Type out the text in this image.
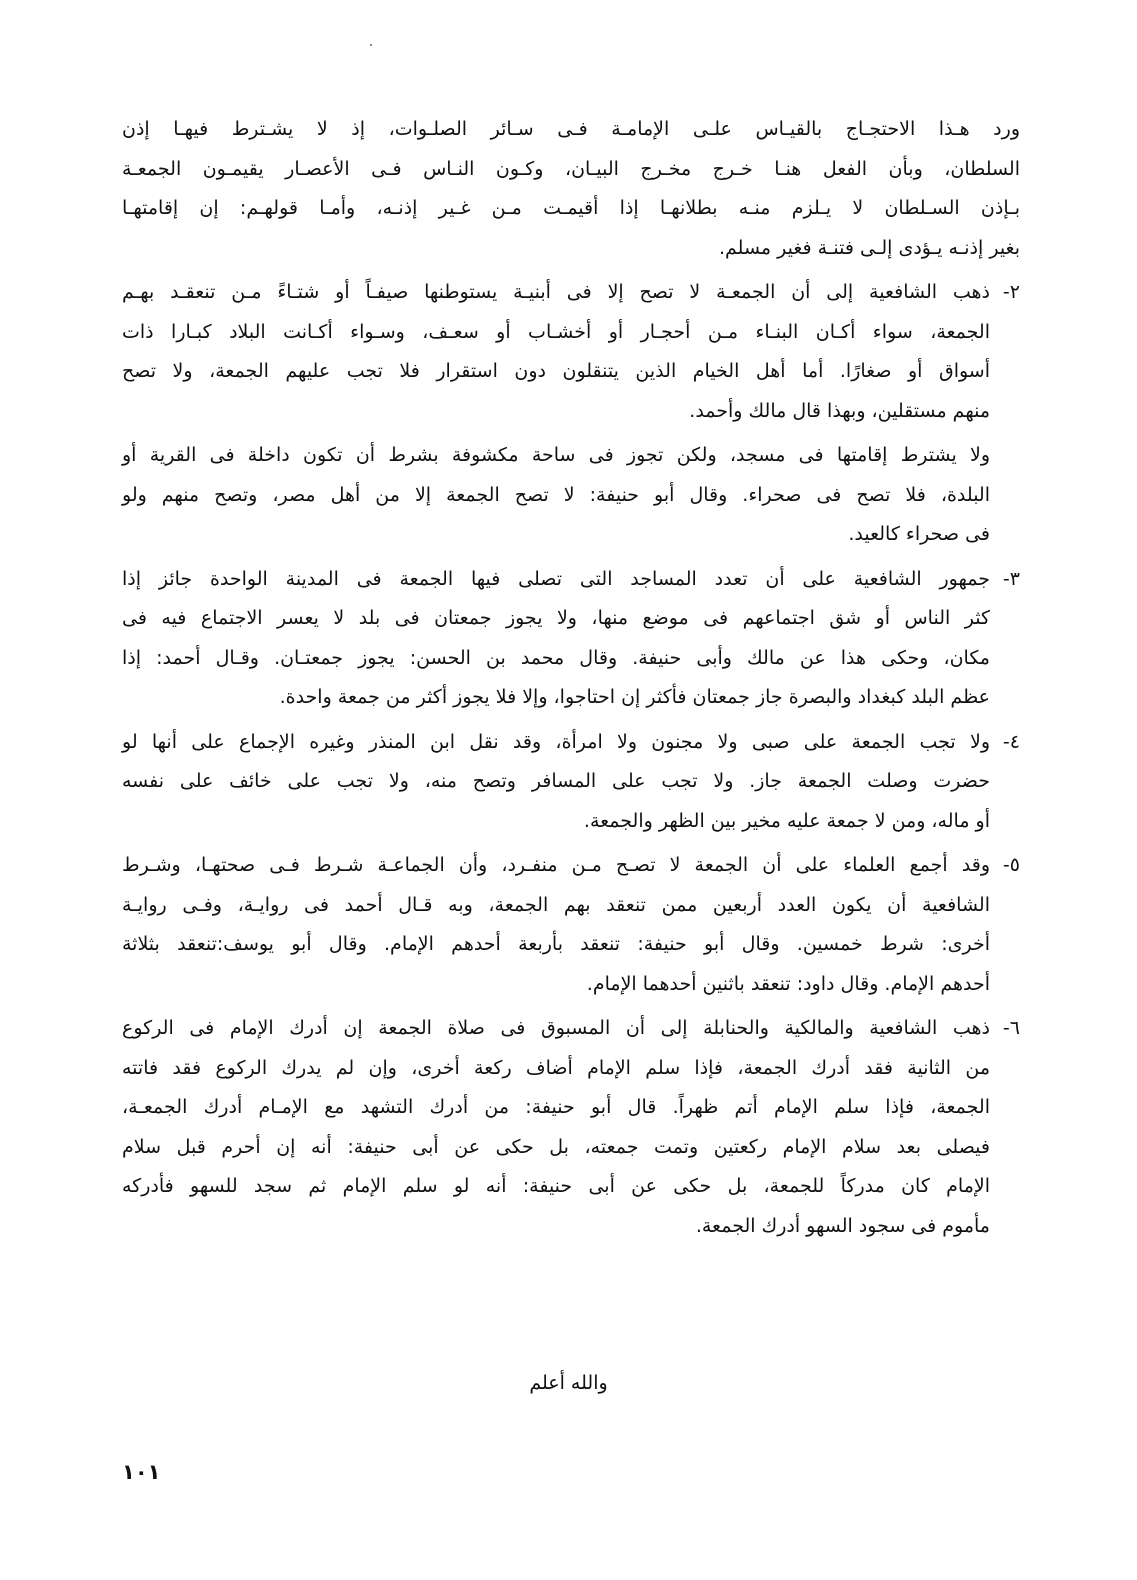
ورد هـذا الاحتجـاج بالقيـاس علـى الإمامـة فـى سـائر الصلـوات، إذ لا يشـترط فيهـا إذن
السلطان، وبأن الفعل هنـا خـرج مخـرج البيـان، وكـون النـاس فـى الأعصـار يقيمـون الجمعـة
بـإذن السـلطان لا يـلزم منـه بطلانهـا إذا أقيمـت مـن غـير إذنـه، وأمـا قولهـم: إن إقامتهـا
بغير إذنـه يـؤدى إلـى فتنـة فغير مسلم.
٢-
ذهب الشافعية إلى أن الجمعـة لا تصح إلا فى أبنيـة يستوطنها صيفـاً أو شتـاءً مـن تنعقـد بهـم
الجمعة، سواء أكـان البنـاء مـن أحجـار أو أخشـاب أو سعـف، وسـواء أكـانت البلاد كبـارا ذات
أسواق أو صغارًا. أما أهل الخيام الذين يتنقلون دون استقرار فلا تجب عليهم الجمعة، ولا تصح
منهم مستقلين، وبهذا قال مالك وأحمد.
ولا يشترط إقامتها فى مسجد، ولكن تجوز فى ساحة مكشوفة بشرط أن تكون داخلة فى القرية أو
البلدة، فلا تصح فى صحراء. وقال أبو حنيفة: لا تصح الجمعة إلا من أهل مصر، وتصح منهم ولو
فى صحراء كالعيد.
٣-
جمهور الشافعية على أن تعدد المساجد التى تصلى فيها الجمعة فى المدينة الواحدة جائز إذا
كثر الناس أو شق اجتماعهم فى موضع منها، ولا يجوز جمعتان فى بلد لا يعسر الاجتماع فيه فى
مكان، وحكى هذا عن مالك وأبى حنيفة. وقال محمد بن الحسن: يجوز جمعتـان. وقـال أحمد: إذا
عظم البلد كبغداد والبصرة جاز جمعتان فأكثر إن احتاجوا، وإلا فلا يجوز أكثر من جمعة واحدة.
٤-
ولا تجب الجمعة على صبى ولا مجنون ولا امرأة، وقد نقل ابن المنذر وغيره الإجماع على أنها لو
حضرت وصلت الجمعة جاز. ولا تجب على المسافر وتصح منه، ولا تجب على خائف على نفسه
أو ماله، ومن لا جمعة عليه مخير بين الظهر والجمعة.
٥-
وقد أجمع العلماء على أن الجمعة لا تصـح مـن منفـرد، وأن الجماعـة شـرط فـى صحتهـا، وشـرط
الشافعية أن يكون العدد أربعين ممن تنعقد بهم الجمعة، وبه قـال أحمد فى روايـة، وفـى روايـة
أخرى: شرط خمسين. وقال أبو حنيفة: تنعقد بأربعة أحدهم الإمام. وقال أبو يوسف:تنعقد بثلاثة
أحدهم الإمام. وقال داود: تنعقد باثنين أحدهما الإمام.
٦-
ذهب الشافعية والمالكية والحنابلة إلى أن المسبوق فى صلاة الجمعة إن أدرك الإمام فى الركوع
من الثانية فقد أدرك الجمعة، فإذا سلم الإمام أضاف ركعة أخرى، وإن لم يدرك الركوع فقد فاتته
الجمعة، فإذا سلم الإمام أتم ظهراً. قال أبو حنيفة: من أدرك التشهد مع الإمـام أدرك الجمعـة،
فيصلى بعد سلام الإمام ركعتين وتمت جمعته، بل حكى عن أبى حنيفة: أنه إن أحرم قبل سلام
الإمام كان مدركاً للجمعة، بل حكى عن أبى حنيفة: أنه لو سلم الإمام ثم سجد للسهو فأدركه
مأموم فى سجود السهو أدرك الجمعة.
والله أعلم
١٠١
